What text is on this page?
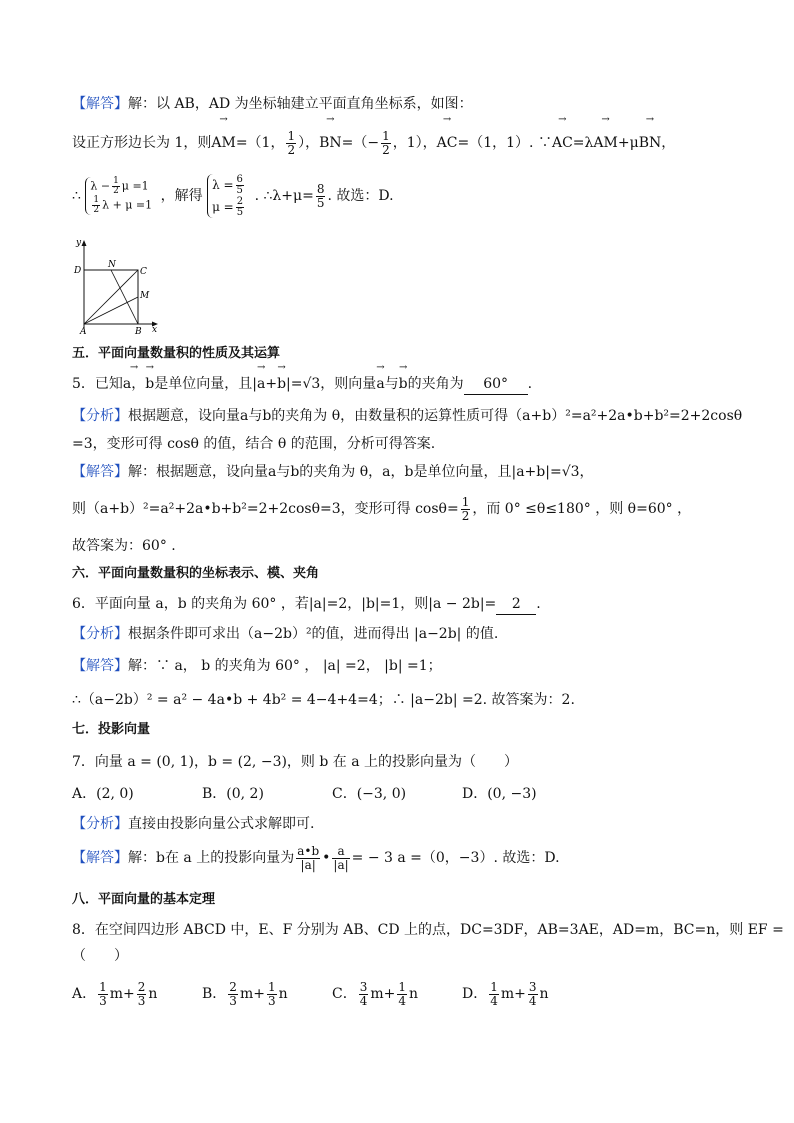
【解答】解：以 AB，AD 为坐标轴建立平面直角坐标系，如图：
设正方形边长为 1，则→ AM=（1， $\frac{1}{2}$ ），→ $BN=(- \frac{1}{2}$ ，1），→ AC=（1，1）. ∵→ AC=λ→ AM+μ→ BN，
∴
$\lambda - \frac{1}{2}$ μ =1
$\frac{1}{2}$ λ + μ =1
，解得
$\lambda = \frac{6}{5}$
$\mu = \frac{2}{5}$
. ∴λ+μ= $\frac{8}{5}$ . 故选：D.
y
x
D
N
C
M
A	B
五．平面向量数量积的性质及其运算
5．已知→ a，→ b是单位向量，且|→ a+→ b|=√3，则向量→ a与→ b的夹角为 60° .
【分析】根据题意，设向量a与b的夹角为 θ，由数量积的运算性质可得（a+b）²=a²+2a•b+b²=2+2cosθ
=3，变形可得 cosθ 的值，结合 θ 的范围，分析可得答案.
【解答】解：根据题意，设向量a与b的夹角为 θ，a，b是单位向量，且|a+b|=√3，
则（a+b）²=a²+2a•b+b²=2+2cosθ=3，变形可得 $\cos\theta= \frac{1}{2}$ ，而 0° ≤θ≤180° ，则 θ=60° ，
故答案为：60° .
六．平面向量数量积的坐标表示、模、夹角
6．平面向量 a，b 的夹角为 60° ，若|a|=2，|b|=1，则|a − 2b|= 2 .
【分析】根据条件即可求出（a−2b）²的值，进而得出 |a−2b| 的值.
【解答】解：∵ a， b 的夹角为 60° ， |a| =2， |b| =1；
∴（a−2b）² = a² − 4a•b + 4b² = 4−4+4=4；∴ |a−2b| =2. 故答案为：2.
七．投影向量
7．向量 a = (0, 1)，b = (2, −3)，则 b 在 a 上的投影向量为（　　）
A．(2, 0)	B．(0, 2)	C．(−3, 0)	D．(0, −3)
【分析】直接由投影向量公式求解即可.
【解答】解：b在 a 上的投影向量为 $\frac{a•b}{|a|}$ • $\frac{a}{|a|}$ = − 3 a =（0，−3）. 故选：D.
八．平面向量的基本定理
8．在空间四边形 ABCD 中，E、F 分别为 AB、CD 上的点，DC=3DF，AB=3AE，AD=m，BC=n，则 EF =
（　　）
A． $\frac{1}{3} m+ \frac{2}{3}$ n	B． $\frac{2}{3} m+ \frac{1}{3}$ n	C． $\frac{3}{4} m+ \frac{1}{4}$ n	D． $\frac{1}{4} m+ \frac{3}{4}$ n
